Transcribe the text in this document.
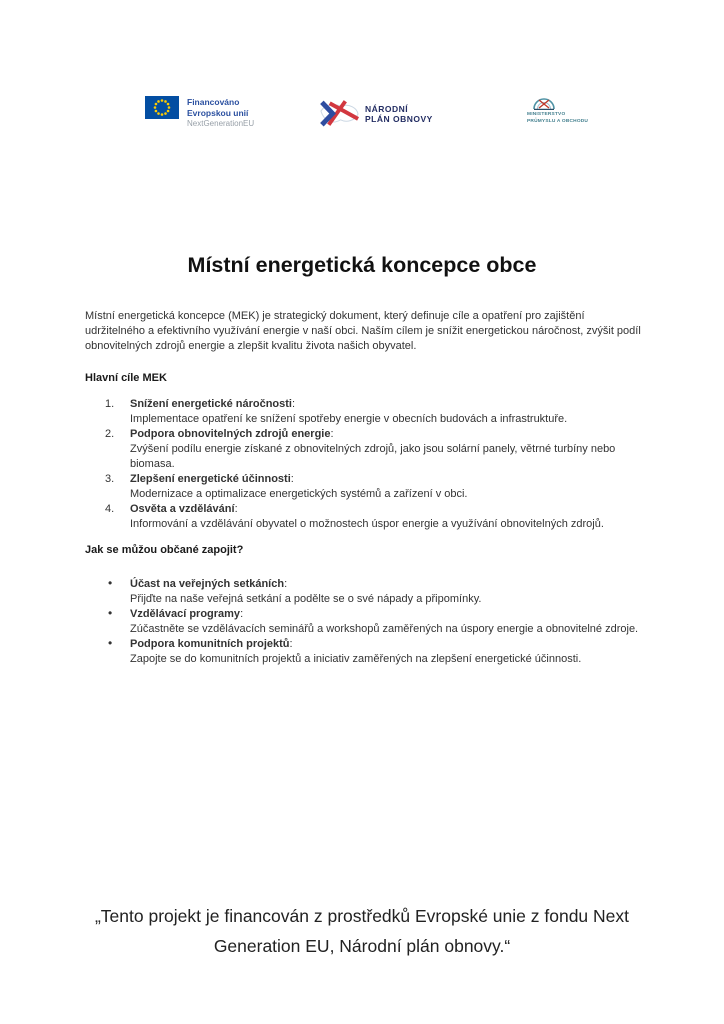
Financováno
Evropskou unií
NextGenerationEU
NÁRODNÍ
PLÁN OBNOVY	MINISTERSTVO
PRŮMYSLU A OBCHODU
Místní energetická koncepce obce

Místní energetická koncepce (MEK) je strategický dokument, který definuje cíle a opatření pro zajištění udržitelného a efektivního využívání energie v naší obci. Naším cílem je snížit energetickou náročnost, zvýšit podíl obnovitelných zdrojů energie a zlepšit kvalitu života našich obyvatel.

Hlavní cíle MEK
1. Snížení energetické náročnosti:
Implementace opatření ke snížení spotřeby energie v obecních budovách a infrastruktuře.
2. Podpora obnovitelných zdrojů energie:
Zvýšení podílu energie získané z obnovitelných zdrojů, jako jsou solární panely, větrné turbíny nebo biomasa.
3. Zlepšení energetické účinnosti:
Modernizace a optimalizace energetických systémů a zařízení v obci.
4. Osvěta a vzdělávání:
Informování a vzdělávání obyvatel o možnostech úspor energie a využívání obnovitelných zdrojů.
Jak se můžou občané zapojit?
• Účast na veřejných setkáních:
Přijďte na naše veřejná setkání a podělte se o své nápady a připomínky.
• Vzdělávací programy:
Zúčastněte se vzdělávacích seminářů a workshopů zaměřených na úspory energie a obnovitelné zdroje.
• Podpora komunitních projektů:
Zapojte se do komunitních projektů a iniciativ zaměřených na zlepšení energetické účinnosti.
„Tento projekt je financován z prostředků Evropské unie z fondu Next
Generation EU, Národní plán obnovy.“
